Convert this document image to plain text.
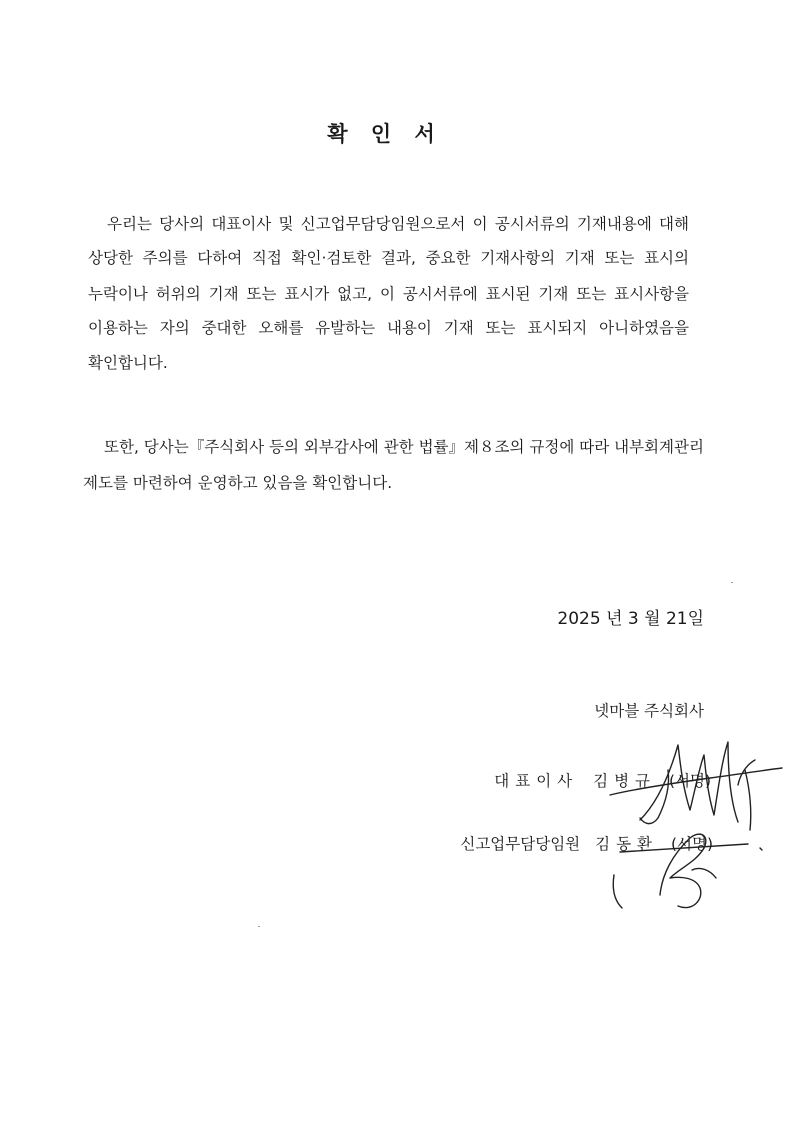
확 인 서
우리는 당사의 대표이사 및 신고업무담당임원으로서 이 공시서류의 기재내용에 대해
상당한 주의를 다하여 직접 확인·검토한 결과, 중요한 기재사항의 기재 또는 표시의
누락이나 허위의 기재 또는 표시가 없고, 이 공시서류에 표시된 기재 또는 표시사항을
이용하는 자의 중대한 오해를 유발하는 내용이 기재 또는 표시되지 아니하였음을
확인합니다.
또한, 당사는『주식회사 등의 외부감사에 관한 법률』제８조의 규정에 따라 내부회계관리
제도를 마련하여 운영하고 있음을 확인합니다.
2025 년 3 월 21일
넷마블 주식회사
대표이사 김병규 (서명)
신고업무담당임원 김동환 (서명)
